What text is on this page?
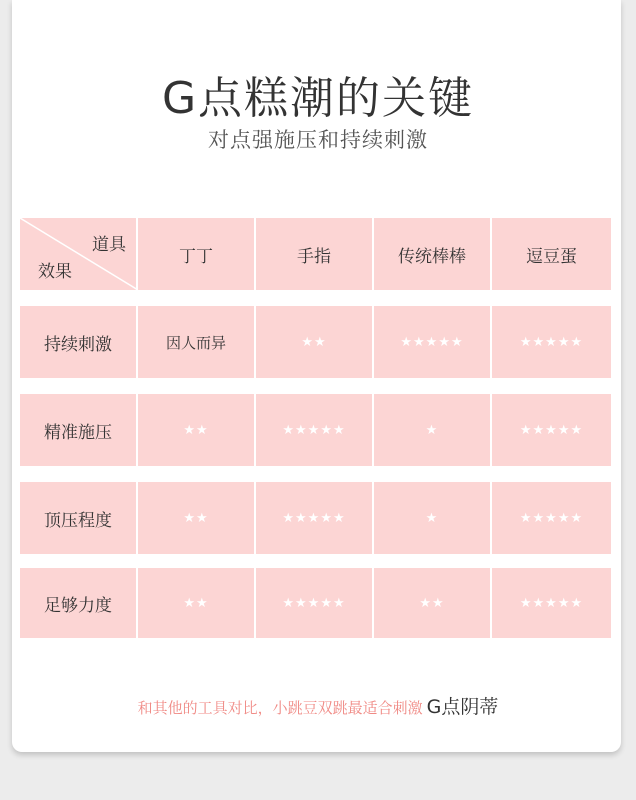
G点糕潮的关键
对点强施压和持续刺激
道具
效果
丁丁	手指	传统棒棒	逗豆蛋
持续刺激	因人而异	★★	★★★★★	★★★★★
精准施压	★★	★★★★★	★	★★★★★
顶压程度	★★	★★★★★	★	★★★★★
足够力度	★★	★★★★★	★★	★★★★★
和其他的工具对比，小跳豆双跳最适合刺激 G点阴蒂
